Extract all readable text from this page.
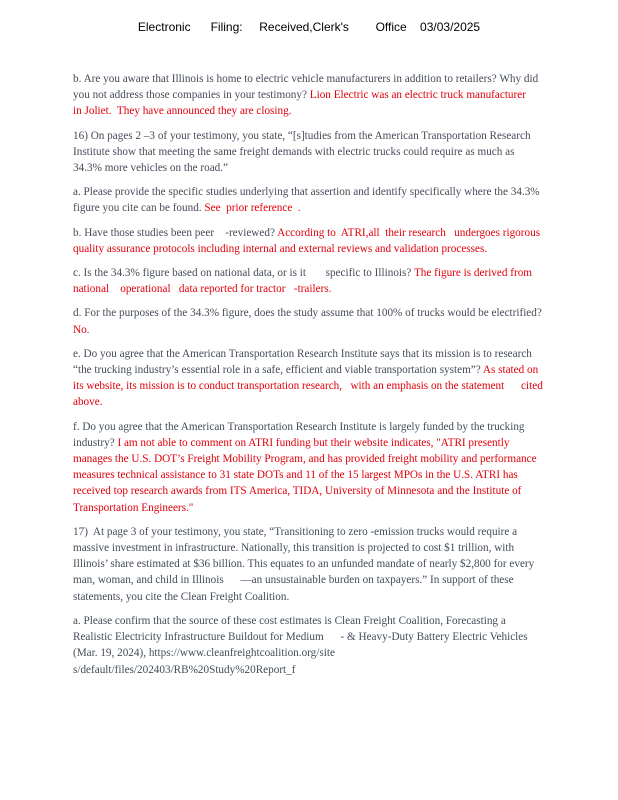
Electronic      Filing:     Received,Clerk's        Office    03/03/2025

b. Are you aware that Illinois is home to electric vehicle manufacturers in addition to retailers? Why did you not address those companies in your testimony? Lion Electric was an electric truck manufacturer     in Joliet.  They have announced they are closing.

16) On pages 2 –3 of your testimony, you state, “[s]tudies from the American Transportation Research Institute show that meeting the same freight demands with electric trucks could require as much as 34.3% more vehicles on the road.”

a. Please provide the specific studies underlying that assertion and identify specifically where the 34.3% figure you cite can be found. See  prior reference  .

b. Have those studies been peer    -reviewed? According to  ATRI,all  their research   undergoes rigorous quality assurance protocols including internal and external reviews and validation processes.

c. Is the 34.3% figure based on national data, or is it       specific to Illinois? The figure is derived from national    operational   data reported for tractor   -trailers.

d. For the purposes of the 34.3% figure, does the study assume that 100% of trucks would be electrified? No.

e. Do you agree that the American Transportation Research Institute says that its mission is to research “the trucking industry’s essential role in a safe, efficient and viable transportation system”? As stated on its website, its mission is to conduct transportation research,   with an emphasis on the statement      cited  above.

f. Do you agree that the American Transportation Research Institute is largely funded by the trucking industry? I am not able to comment on ATRI funding but their website indicates, "ATRI presently manages the U.S. DOT’s Freight Mobility Program, and has provided freight mobility and performance measures technical assistance to 31 state DOTs and 11 of the 15 largest MPOs in the U.S. ATRI has received top research awards from ITS America, TIDA, University of Minnesota and the Institute of Transportation Engineers."

17)  At page 3 of your testimony, you state, “Transitioning to zero -emission trucks would require a massive investment in infrastructure. Nationally, this transition is projected to cost $1 trillion, with  Illinois’ share estimated at $36 billion. This equates to an unfunded mandate of nearly $2,800 for every man, woman, and child in Illinois      —an unsustainable burden on taxpayers.” In support of these statements, you cite the Clean Freight Coalition.

a. Please confirm that the source of these cost estimates is Clean Freight Coalition, Forecasting a Realistic Electricity Infrastructure Buildout for Medium      - & Heavy-Duty Battery Electric Vehicles (Mar. 19, 2024), https://www.cleanfreightcoalition.org/site      s/default/files/202403/RB%20Study%20Report_f
